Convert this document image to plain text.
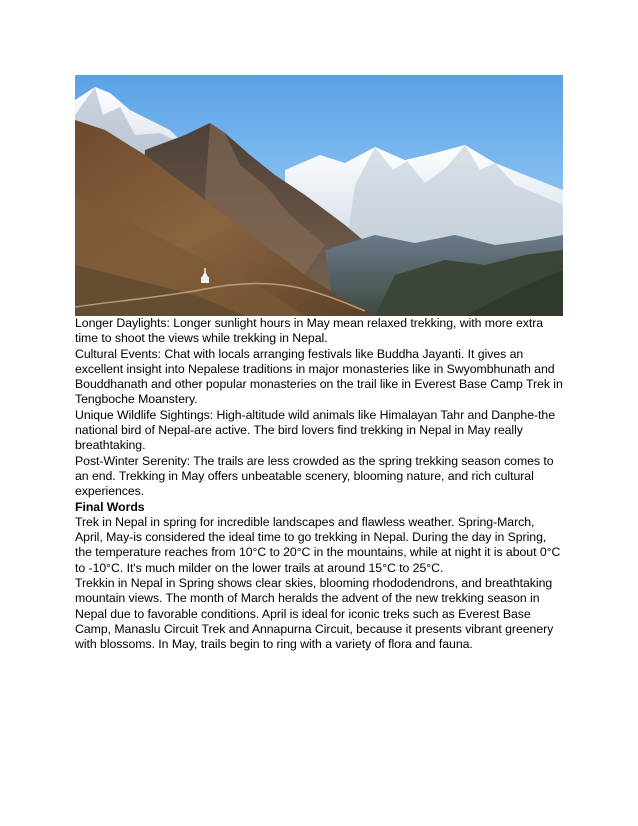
Longer Daylights: Longer sunlight hours in May mean relaxed trekking, with more extra time to shoot the views while trekking in Nepal.

Cultural Events: Chat with locals arranging festivals like Buddha Jayanti. It gives an excellent insight into Nepalese traditions in major monasteries like in Swyombhunath and Bouddhanath and other popular monasteries on the trail like in Everest Base Camp Trek in Tengboche Moanstery.

Unique Wildlife Sightings: High-altitude wild animals like Himalayan Tahr and Danphe-the national bird of Nepal-are active. The bird lovers find trekking in Nepal in May really breathtaking.

Post-Winter Serenity: The trails are less crowded as the spring trekking season comes to an end. Trekking in May offers unbeatable scenery, blooming nature, and rich cultural experiences.

Final Words

Trek in Nepal in spring for incredible landscapes and flawless weather. Spring-March, April, May-is considered the ideal time to go trekking in Nepal. During the day in Spring, the temperature reaches from 10°C to 20°C in the mountains, while at night it is about 0°C to -10°C. It's much milder on the lower trails at around 15°C to 25°C.

Trekkin in Nepal in Spring shows clear skies, blooming rhododendrons, and breathtaking mountain views. The month of March heralds the advent of the new trekking season in Nepal due to favorable conditions. April is ideal for iconic treks such as Everest Base Camp, Manaslu Circuit Trek and Annapurna Circuit, because it presents vibrant greenery with blossoms. In May, trails begin to ring with a variety of flora and fauna.
